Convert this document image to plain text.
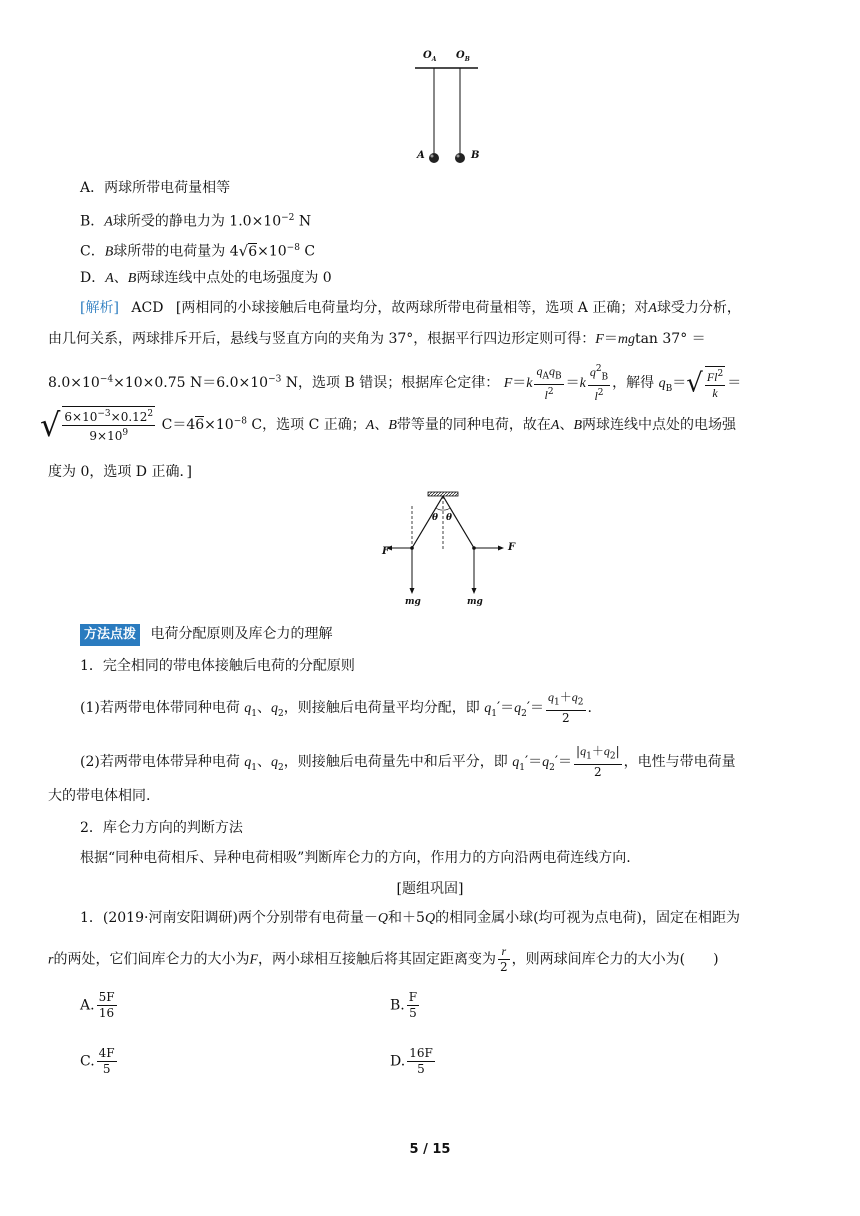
$O_A$ $O_B$
A	B
A．两球所带电荷量相等
B．A球所受的静电力为 $1.0\times 10^{-2}$ N
C．B球所带的电荷量为 $4√6\times 10^{-8}$ C
D．A、B两球连线中点处的电场强度为 0
[解析] ACD [两相同的小球接触后电荷量均分，故两球所带电荷量相等，选项 A 正确；对A球受力分析，
由几何关系，两球排斥开后，悬线与竖直方向的夹角为 37°，根据平行四边形定则可得：F＝mgtan 37° ＝
$8.0\times 10^{-4}\times 10\times 0.75$ $N=6.0\times 10^{-3}$ N，选项 B 错误；根据库仑定律： $F=k \frac{q_Aq_B}{l^2} =k \frac{q^2_B}{l^2}$ ，解得 $q_B=√ \frac{Fl^2}{k}$ ＝
√ $\frac{6\times 10^{-3}\times 0.12^2}{9\times 10^9} C=46\times 10^{-8}$ C，选项 C 正确；A、B带等量的同种电荷，故在A、B两球连线中点处的电场强
度为 0，选项 D 正确．]
θ θ
F	F
mg	mg
方法点拨 电荷分配原则及库仑力的理解
1．完全相同的带电体接触后电荷的分配原则
(1)若两带电体带同种电荷 $q_1$、$q_2$，则接触后电荷量平均分配，即 $q_1'=q_2'= \frac{q_1+q_2}{2}$ .
(2)若两带电体带异种电荷 $q_1$、$q_2$，则接触后电荷量先中和后平分，即 $q_1'=q_2'= \frac{|q_1+q_2|}{2}$ ，电性与带电荷量
大的带电体相同.
2．库仑力方向的判断方法
根据“同种电荷相斥、异种电荷相吸”判断库仑力的方向，作用力的方向沿两电荷连线方向.
[题组巩固]
1．(2019·河南安阳调研)两个分别带有电荷量－Q和＋5Q的相同金属小球(均可视为点电荷)，固定在相距为
r的两处，它们间库仑力的大小为F，两小球相互接触后将其固定距离变为 $\frac{r}{2}$ ，则两球间库仑力的大小为(　　)
A. $\frac{5F}{16}$	B. $\frac{F}{5}$
C. $\frac{4F}{5}$	D. $\frac{16F}{5}$
5 / 15
